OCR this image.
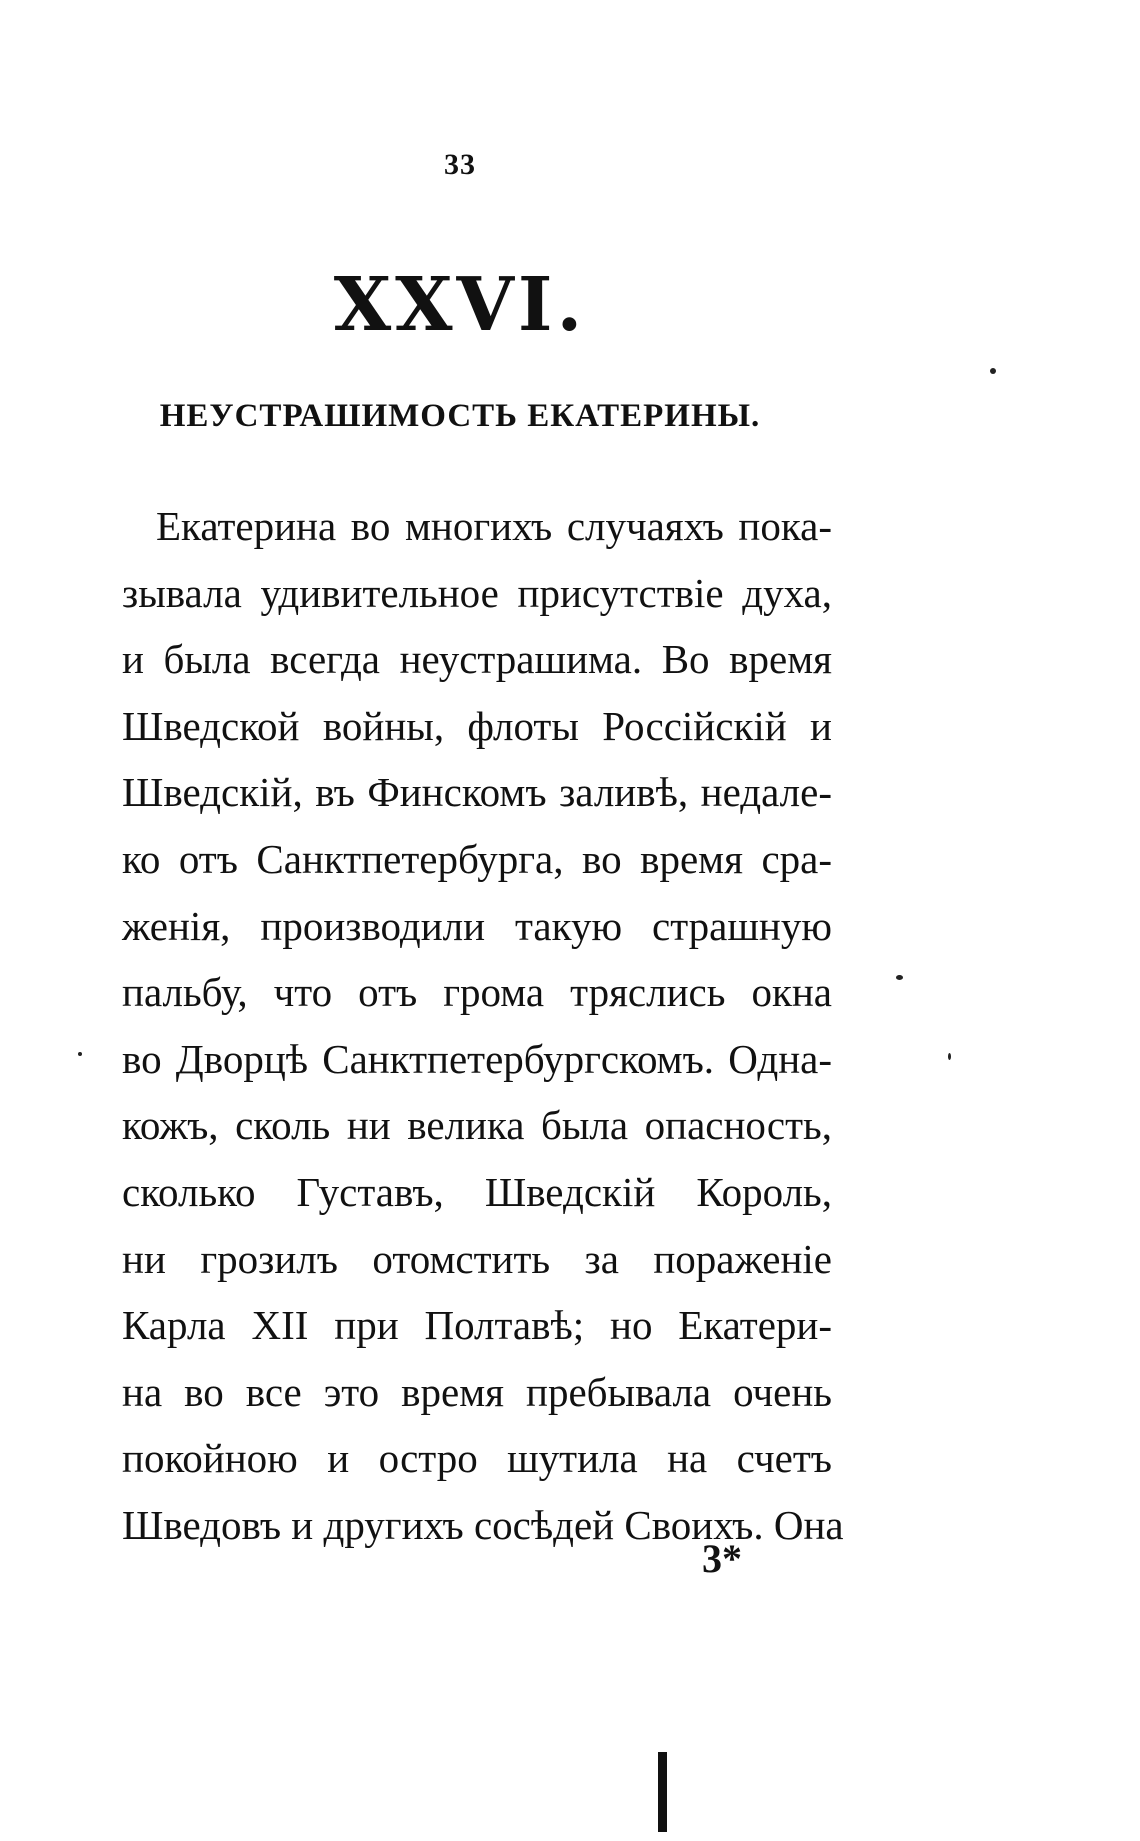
33
XXVI.
НЕУСТРАШИМОСТЬ ЕКАТЕРИНЫ.
Екатерина во многихъ случаяхъ пока-
зывала удивительное присутствіе духа,
и была всегда неустрашима. Во время
Шведской войны, флоты Россійскій и
Шведскій, въ Финскомъ заливѣ, недале-
ко отъ Санктпетербурга, во время сра-
женія, производили такую страшную
пальбу, что отъ грома тряслись окна
во Дворцѣ Санктпетербургскомъ. Одна-
кожъ, сколь ни велика была опасность,
сколько Густавъ, Шведскій Король,
ни грозилъ отомстить за пораженіе
Карла XII при Полтавѣ; но Екатери-
на во все это время пребывала очень
покойною и остро шутила на счетъ
Шведовъ и другихъ соcѣдей Своихъ. Она
3*
